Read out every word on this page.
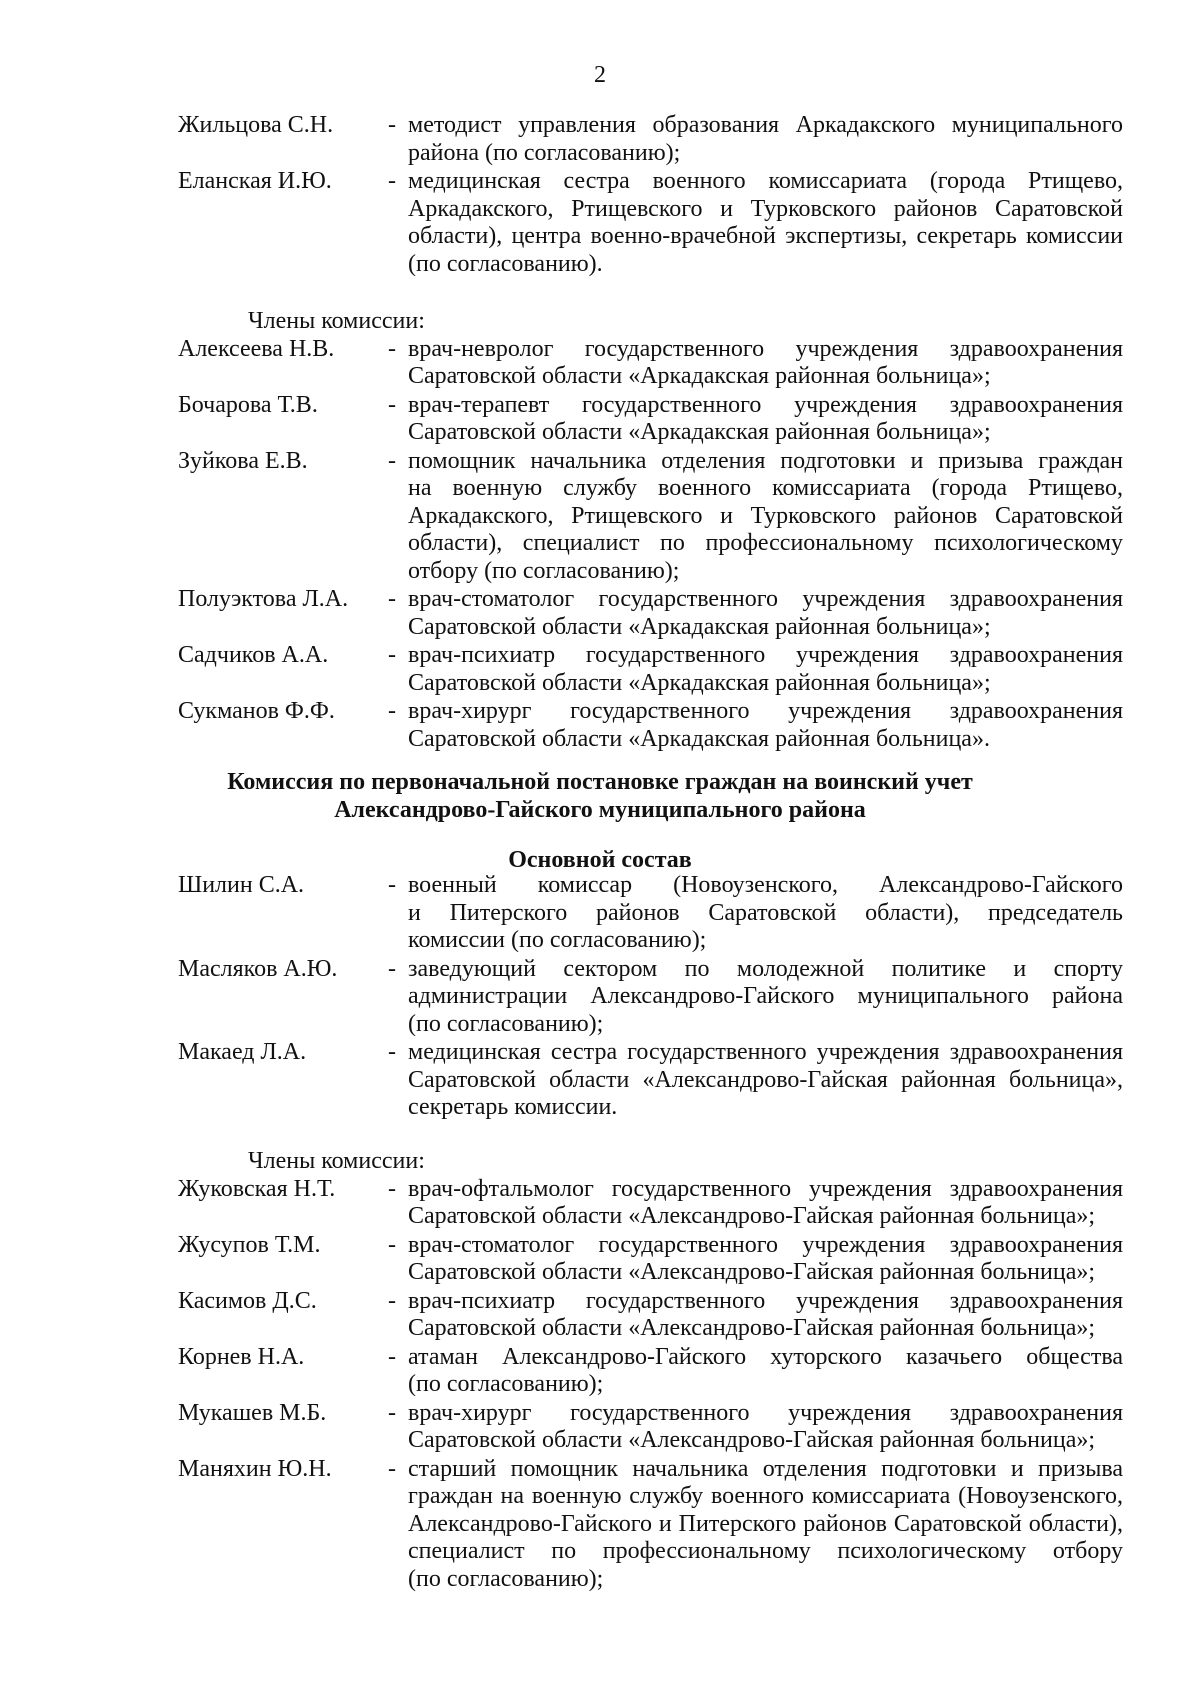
2
Жильцова С.Н.	- методист управления образования Аркадакского муниципального
района (по согласованию);
Еланская И.Ю.	- медицинская сестра военного комиссариата (города Ртищево,
Аркадакского, Ртищевского и Турковского районов Саратовской
области), центра военно-врачебной экспертизы, секретарь комиссии
(по согласованию).
Члены комиссии:
Алексеева Н.В.	- врач-невролог государственного учреждения здравоохранения
Саратовской области «Аркадакская районная больница»;
Бочарова Т.В.	- врач-терапевт государственного учреждения здравоохранения
Саратовской области «Аркадакская районная больница»;
Зуйкова Е.В.	- помощник начальника отделения подготовки и призыва граждан
на военную службу военного комиссариата (города Ртищево,
Аркадакского, Ртищевского и Турковского районов Саратовской
области), специалист по профессиональному психологическому
отбору (по согласованию);
Полуэктова Л.А.	- врач-стоматолог государственного учреждения здравоохранения
Саратовской области «Аркадакская районная больница»;
Садчиков А.А.	- врач-психиатр государственного учреждения здравоохранения
Саратовской области «Аркадакская районная больница»;
Сукманов Ф.Ф.	- врач-хирург государственного учреждения здравоохранения
Саратовской области «Аркадакская районная больница».
Комиссия по первоначальной постановке граждан на воинский учет
Александрово-Гайского муниципального района
Основной состав
Шилин С.А.	- военный комиссар (Новоузенского, Александрово-Гайского
и Питерского районов Саратовской области), председатель
комиссии (по согласованию);
Масляков А.Ю.	- заведующий сектором по молодежной политике и спорту
администрации Александрово-Гайского муниципального района
(по согласованию);
Макаед Л.А.	- медицинская сестра государственного учреждения здравоохранения
Саратовской области «Александрово-Гайская районная больница»,
секретарь комиссии.
Члены комиссии:
Жуковская Н.Т.	- врач-офтальмолог государственного учреждения здравоохранения
Саратовской области «Александрово-Гайская районная больница»;
Жусупов Т.М.	- врач-стоматолог государственного учреждения здравоохранения
Саратовской области «Александрово-Гайская районная больница»;
Касимов Д.С.	- врач-психиатр государственного учреждения здравоохранения
Саратовской области «Александрово-Гайская районная больница»;
Корнев Н.А.	- атаман Александрово-Гайского хуторского казачьего общества
(по согласованию);
Мукашев М.Б.	- врач-хирург государственного учреждения здравоохранения
Саратовской области «Александрово-Гайская районная больница»;
Маняхин Ю.Н.	- старший помощник начальника отделения подготовки и призыва
граждан на военную службу военного комиссариата (Новоузенского,
Александрово-Гайского и Питерского районов Саратовской области),
специалист по профессиональному психологическому отбору
(по согласованию);
